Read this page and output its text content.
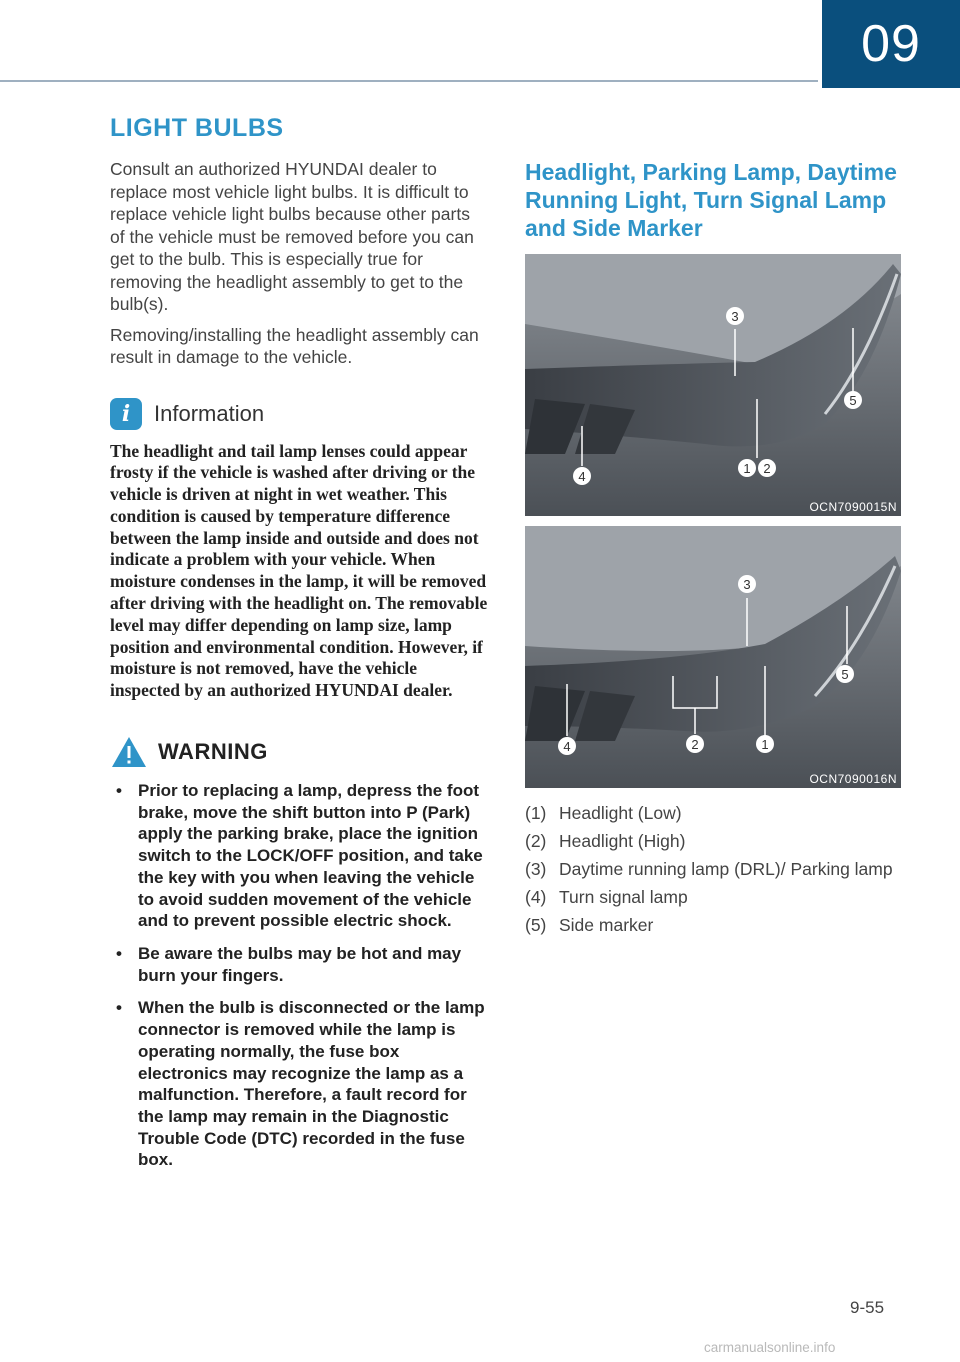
09
LIGHT BULBS

Consult an authorized HYUNDAI dealer to replace most vehicle light bulbs. It is difficult to replace vehicle light bulbs because other parts of the vehicle must be removed before you can get to the bulb. This is especially true for removing the headlight assembly to get to the bulb(s).

Removing/installing the headlight assembly can result in damage to the vehicle.

i	Information
The headlight and tail lamp lenses could appear frosty if the vehicle is washed after driving or the vehicle is driven at night in wet weather. This condition is caused by temperature difference between the lamp inside and outside and does not indicate a problem with your vehicle. When moisture condenses in the lamp, it will be removed after driving with the headlight on. The removable level may differ depending on lamp size, lamp position and environmental condition. However, if moisture is not removed, have the vehicle inspected by an authorized HYUNDAI dealer.
WARNING
• Prior to replacing a lamp, depress the foot brake, move the shift button into P (Park) apply the parking brake, place the ignition switch to the LOCK/OFF position, and take the key with you when leaving the vehicle to avoid sudden movement of the vehicle and to prevent possible electric shock.
• Be aware the bulbs may be hot and may burn your fingers.
• When the bulb is disconnected or the lamp connector is removed while the lamp is operating normally, the fuse box electronics may recognize the lamp as a malfunction. Therefore, a fault record for the lamp may remain in the Diagnostic Trouble Code (DTC) recorded in the fuse box.
Headlight, Parking Lamp, Daytime Running Light, Turn Signal Lamp and Side Marker
3
5
4
1 2
OCN7090015N
3
5
4	2	1
OCN7090016N
(1) Headlight (Low)
(2) Headlight (High)
(3) Daytime running lamp (DRL)/ Parking lamp
(4) Turn signal lamp
(5) Side marker
9-55
carmanualsonline.info
